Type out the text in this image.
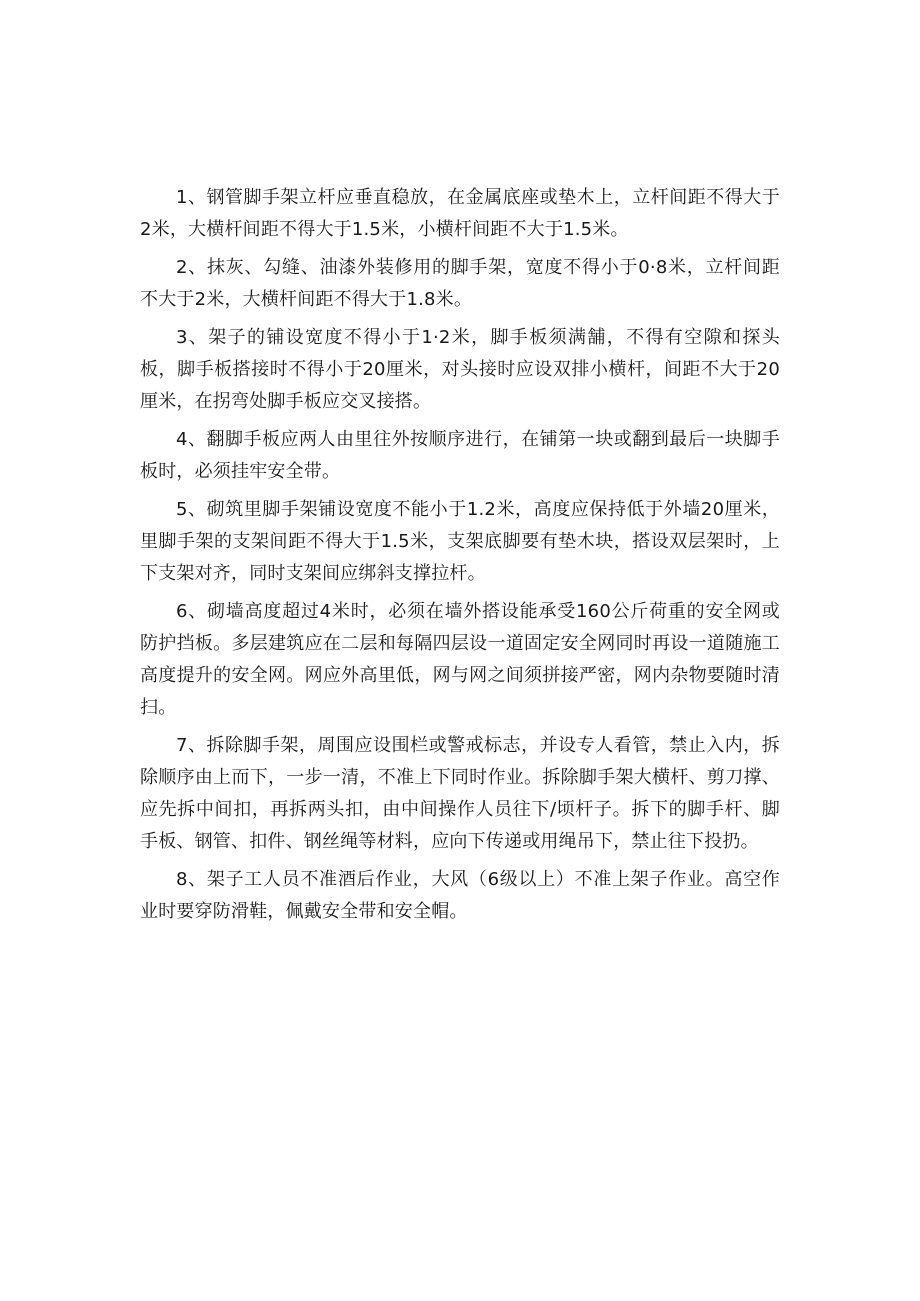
1、钢管脚手架立杆应垂直稳放，在金属底座或垫木上，立杆间距不得大于2米，大横杆间距不得大于1.5米，小横杆间距不大于1.5米。

2、抹灰、勾缝、油漆外装修用的脚手架，宽度不得小于0·8米，立杆间距不大于2米，大横杆间距不得大于1.8米。

3、架子的铺设宽度不得小于1·2米，脚手板须满舗，不得有空隙和探头板，脚手板搭接时不得小于20厘米，对头接时应设双排小横杆，间距不大于20厘米，在拐弯处脚手板应交叉接搭。

4、翻脚手板应两人由里往外按顺序进行，在铺第一块或翻到最后一块脚手板时，必须挂牢安全带。

5、砌筑里脚手架铺设宽度不能小于1.2米，高度应保持低于外墙20厘米，里脚手架的支架间距不得大于1.5米，支架底脚要有垫木块，搭设双层架时，上下支架对齐，同时支架间应绑斜支撑拉杆。

6、砌墙高度超过4米时，必须在墙外搭设能承受160公斤荷重的安全网或防护挡板。多层建筑应在二层和每隔四层设一道固定安全网同时再设一道随施工高度提升的安全网。网应外高里低，网与网之间须拼接严密，网内杂物要随时清扫。

7、拆除脚手架，周围应设围栏或警戒标志，并设专人看管，禁止入内，拆除顺序由上而下，一步一清，不准上下同时作业。拆除脚手架大横杆、剪刀撑、应先拆中间扣，再拆两头扣，由中间操作人员往下/顷杆子。拆下的脚手杆、脚手板、钢管、扣件、钢丝绳等材料，应向下传递或用绳吊下，禁止往下投扔。

8、架子工人员不准酒后作业，大风（6级以上）不准上架子作业。高空作业时要穿防滑鞋，佩戴安全带和安全帽。
